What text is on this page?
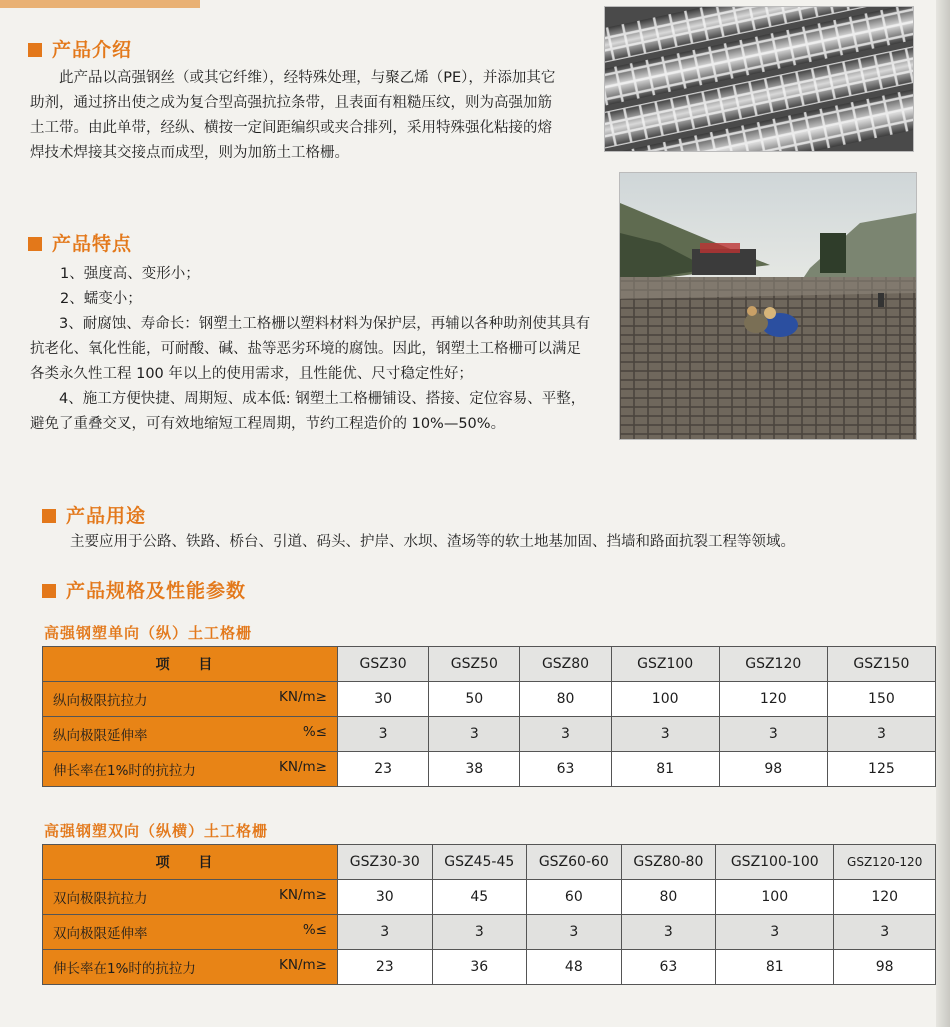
产品介绍

此产品以高强钢丝（或其它纤维），经特殊处理，与聚乙烯（PE），并添加其它助剂，通过挤出使之成为复合型高强抗拉条带，且表面有粗糙压纹，则为高强加筋土工带。由此单带，经纵、横按一定间距编织或夹合排列，采用特殊强化粘接的熔焊技术焊接其交接点而成型，则为加筋土工格栅。

产品特点

1、强度高、变形小；

2、蠕变小；

3、耐腐蚀、寿命长：钢塑土工格栅以塑料材料为保护层，再辅以各种助剂使其具有抗老化、氧化性能，可耐酸、碱、盐等恶劣环境的腐蚀。因此，钢塑土工格栅可以满足各类永久性工程 100 年以上的使用需求，且性能优、尺寸稳定性好；

4、施工方便快捷、周期短、成本低: 钢塑土工格栅铺设、搭接、定位容易、平整，避免了重叠交叉，可有效地缩短工程周期，节约工程造价的 10%—50%。

产品用途

主要应用于公路、铁路、桥台、引道、码头、护岸、水坝、渣场等的软土地基加固、挡墙和路面抗裂工程等领域。

产品规格及性能参数
高强钢塑单向（纵）土工格栅
项 目	GSZ30	GSZ50	GSZ80	GSZ100	GSZ120	GSZ150

纵向极限抗拉力 KN/m≥	30	50	80	100	120	150

纵向极限延伸率 %≤	3	3	3	3	3	3

伸长率在1%时的抗拉力 KN/m≥	23	38	63	81	98	125
高强钢塑双向（纵横）土工格栅
项 目	GSZ30-30	GSZ45-45	GSZ60-60	GSZ80-80	GSZ100-100	GSZ120-120

双向极限抗拉力 KN/m≥	30	45	60	80	100	120

双向极限延伸率 %≤	3	3	3	3	3	3

伸长率在1%时的抗拉力 KN/m≥	23	36	48	63	81	98
